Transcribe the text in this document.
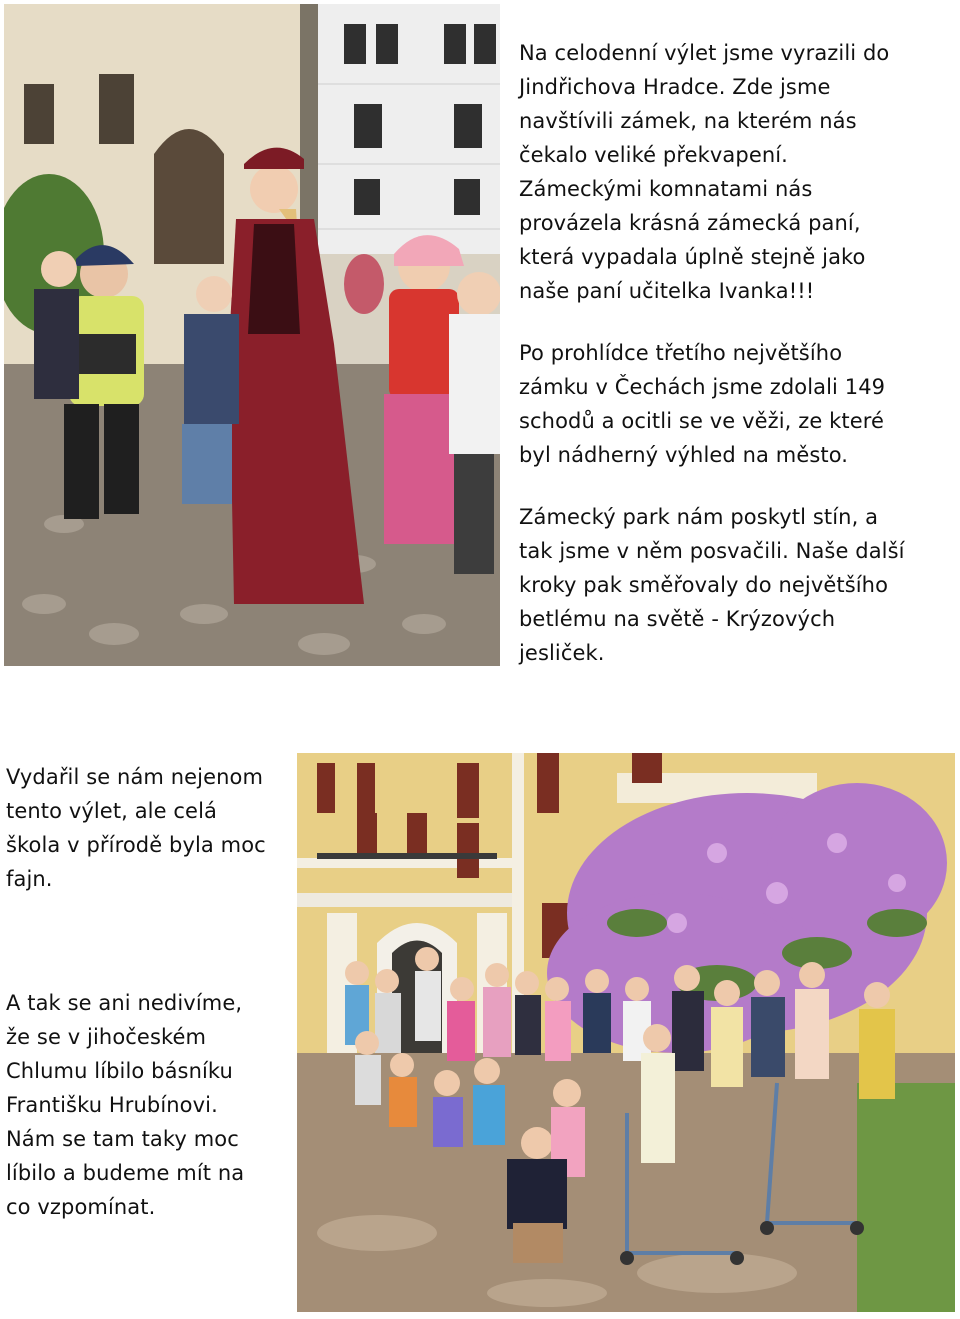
Na celodenní výlet jsme vyrazili do
Jindřichova Hradce. Zde jsme
navštívili zámek, na kterém nás
čekalo veliké překvapení.
Zámeckými komnatami nás
provázela krásná zámecká paní,
která vypadala úplně stejně jako
naše paní učitelka Ivanka!!!
Po prohlídce třetího největšího
zámku v Čechách jsme zdolali 149
schodů a ocitli se ve věži, ze které
byl nádherný výhled na město.
Zámecký park nám poskytl stín, a
tak jsme v něm posvačili. Naše další
kroky pak směřovaly do největšího
betlému na světě - Krýzových
jesliček.
Vydařil se nám nejenom
tento výlet, ale celá
škola v přírodě byla moc
fajn.
A tak se ani nedivíme,
že se v jihočeském
Chlumu líbilo básníku
Františku Hrubínovi.
Nám se tam taky moc
líbilo a budeme mít na
co vzpomínat.
